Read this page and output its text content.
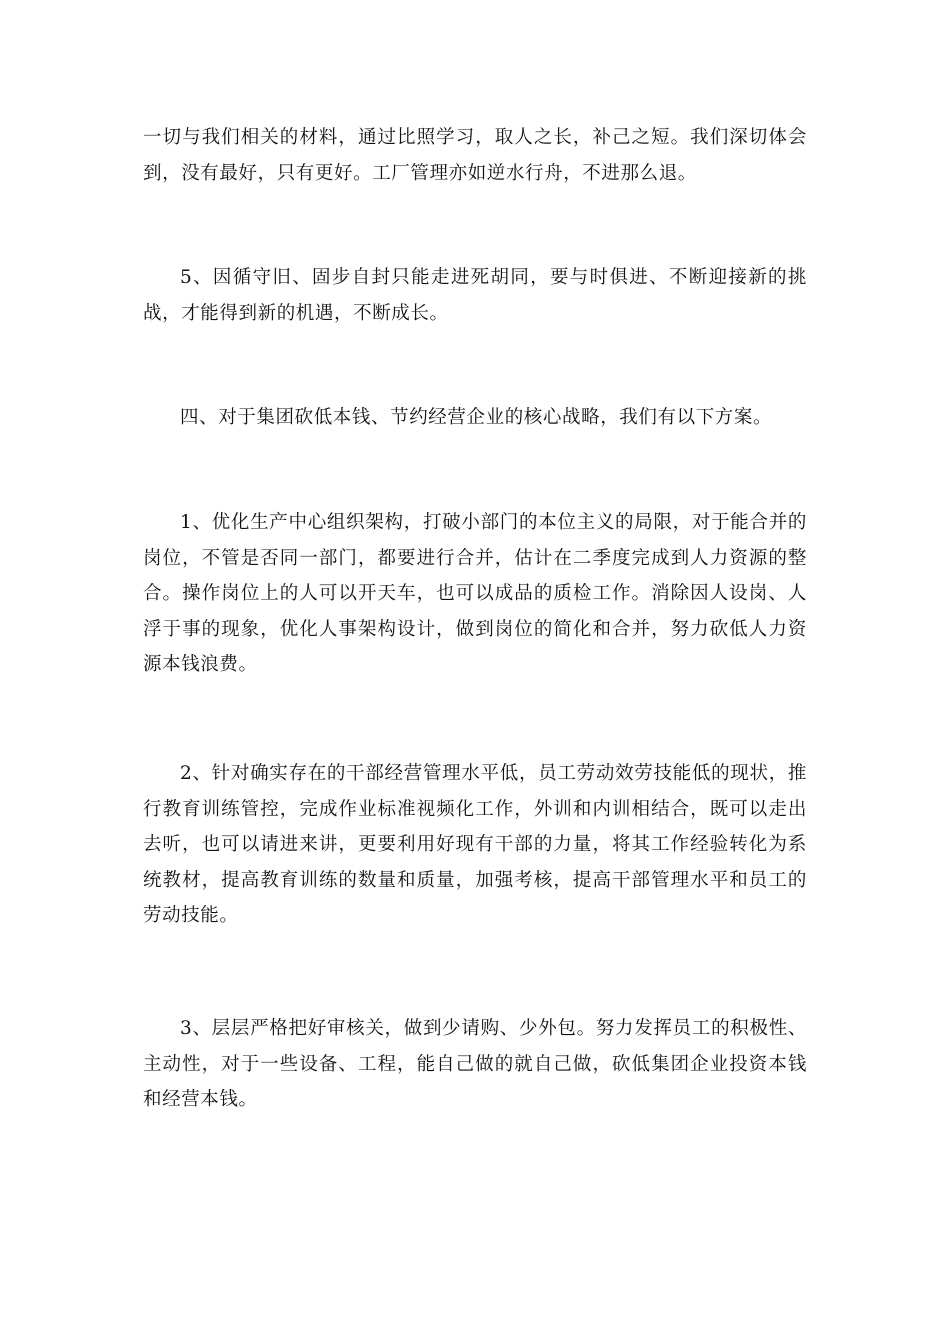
一切与我们相关的材料，通过比照学习，取人之长，补己之短。我们深切体会到，没有最好，只有更好。工厂管理亦如逆水行舟，不进那么退。

5、因循守旧、固步自封只能走进死胡同，要与时俱进、不断迎接新的挑战，才能得到新的机遇，不断成长。

四、对于集团砍低本钱、节约经营企业的核心战略，我们有以下方案。

1、优化生产中心组织架构，打破小部门的本位主义的局限，对于能合并的岗位，不管是否同一部门，都要进行合并，估计在二季度完成到人力资源的整合。操作岗位上的人可以开天车，也可以成品的质检工作。消除因人设岗、人浮于事的现象，优化人事架构设计，做到岗位的简化和合并，努力砍低人力资源本钱浪费。

2、针对确实存在的干部经营管理水平低，员工劳动效劳技能低的现状，推行教育训练管控，完成作业标准视频化工作，外训和内训相结合，既可以走出去听，也可以请进来讲，更要利用好现有干部的力量，将其工作经验转化为系统教材，提高教育训练的数量和质量，加强考核，提高干部管理水平和员工的劳动技能。

3、层层严格把好审核关，做到少请购、少外包。努力发挥员工的积极性、主动性，对于一些设备、工程，能自己做的就自己做，砍低集团企业投资本钱和经营本钱。
